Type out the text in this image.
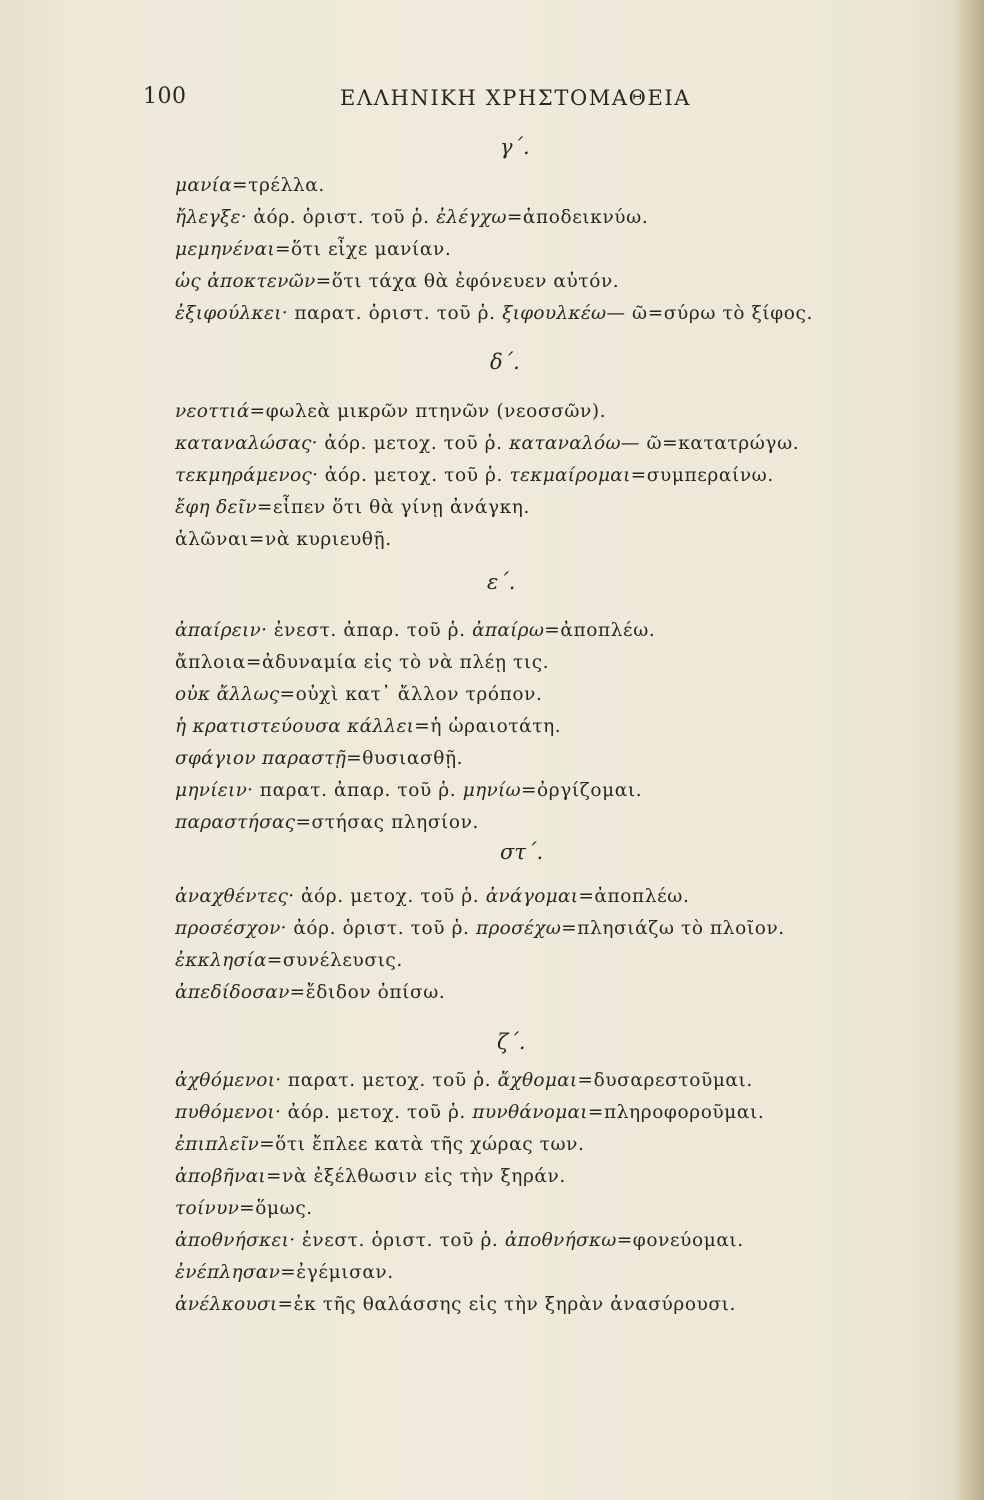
100	ΕΛΛΗΝΙΚΗ ΧΡΗΣΤΟΜΑΘΕΙΑ
γ΄.
μανία=τρέλλα.
ἤλεγξε· ἀόρ. ὁριστ. τοῦ ῥ. ἐλέγχω=ἀποδεικνύω.
μεμηνέναι=ὅτι εἶχε μανίαν.
ὡς ἀποκτενῶν=ὅτι τάχα θὰ ἐφόνευεν αὐτόν.
ἐξιφούλκει· παρατ. ὁριστ. τοῦ ῥ. ξιφουλκέω— ῶ=σύρω τὸ ξίφος.
δ΄.
νεοττιά=φωλεὰ μικρῶν πτηνῶν (νεοσσῶν).
καταναλώσας· ἀόρ. μετοχ. τοῦ ῥ. καταναλόω— ῶ=κατατρώγω.
τεκμηράμενος· ἀόρ. μετοχ. τοῦ ῥ. τεκμαίρομαι=συμπεραίνω.
ἔφη δεῖν=εἶπεν ὅτι θὰ γίνῃ ἀνάγκη.
ἁλῶναι=νὰ κυριευθῇ.
ε΄.
ἀπαίρειν· ἐνεστ. ἀπαρ. τοῦ ῥ. ἀπαίρω=ἀποπλέω.
ἄπλοια=ἀδυναμία εἰς τὸ νὰ πλέῃ τις.
οὐκ ἄλλως=οὐχὶ κατ᾽ ἄλλον τρόπον.
ἡ κρατιστεύουσα κάλλει=ἡ ὡραιοτάτη.
σφάγιον παραστῇ=θυσιασθῇ.
μηνίειν· παρατ. ἀπαρ. τοῦ ῥ. μηνίω=ὀργίζομαι.
παραστήσας=στήσας πλησίον.
στ΄.
ἀναχθέντες· ἀόρ. μετοχ. τοῦ ῥ. ἀνάγομαι=ἀποπλέω.
προσέσχον· ἀόρ. ὁριστ. τοῦ ῥ. προσέχω=πλησιάζω τὸ πλοῖον.
ἐκκλησία=συνέλευσις.
ἀπεδίδοσαν=ἔδιδον ὀπίσω.
ζ΄.
ἀχθόμενοι· παρατ. μετοχ. τοῦ ῥ. ἄχθομαι=δυσαρεστοῦμαι.
πυθόμενοι· ἀόρ. μετοχ. τοῦ ῥ. πυνθάνομαι=πληροφοροῦμαι.
ἐπιπλεῖν=ὅτι ἔπλεε κατὰ τῆς χώρας των.
ἀποβῆναι=νὰ ἐξέλθωσιν εἰς τὴν ξηράν.
τοίνυν=ὅμως.
ἀποθνήσκει· ἐνεστ. ὁριστ. τοῦ ῥ. ἀποθνήσκω=φονεύομαι.
ἐνέπλησαν=ἐγέμισαν.
ἀνέλκουσι=ἐκ τῆς θαλάσσης εἰς τὴν ξηρὰν ἀνασύρουσι.
